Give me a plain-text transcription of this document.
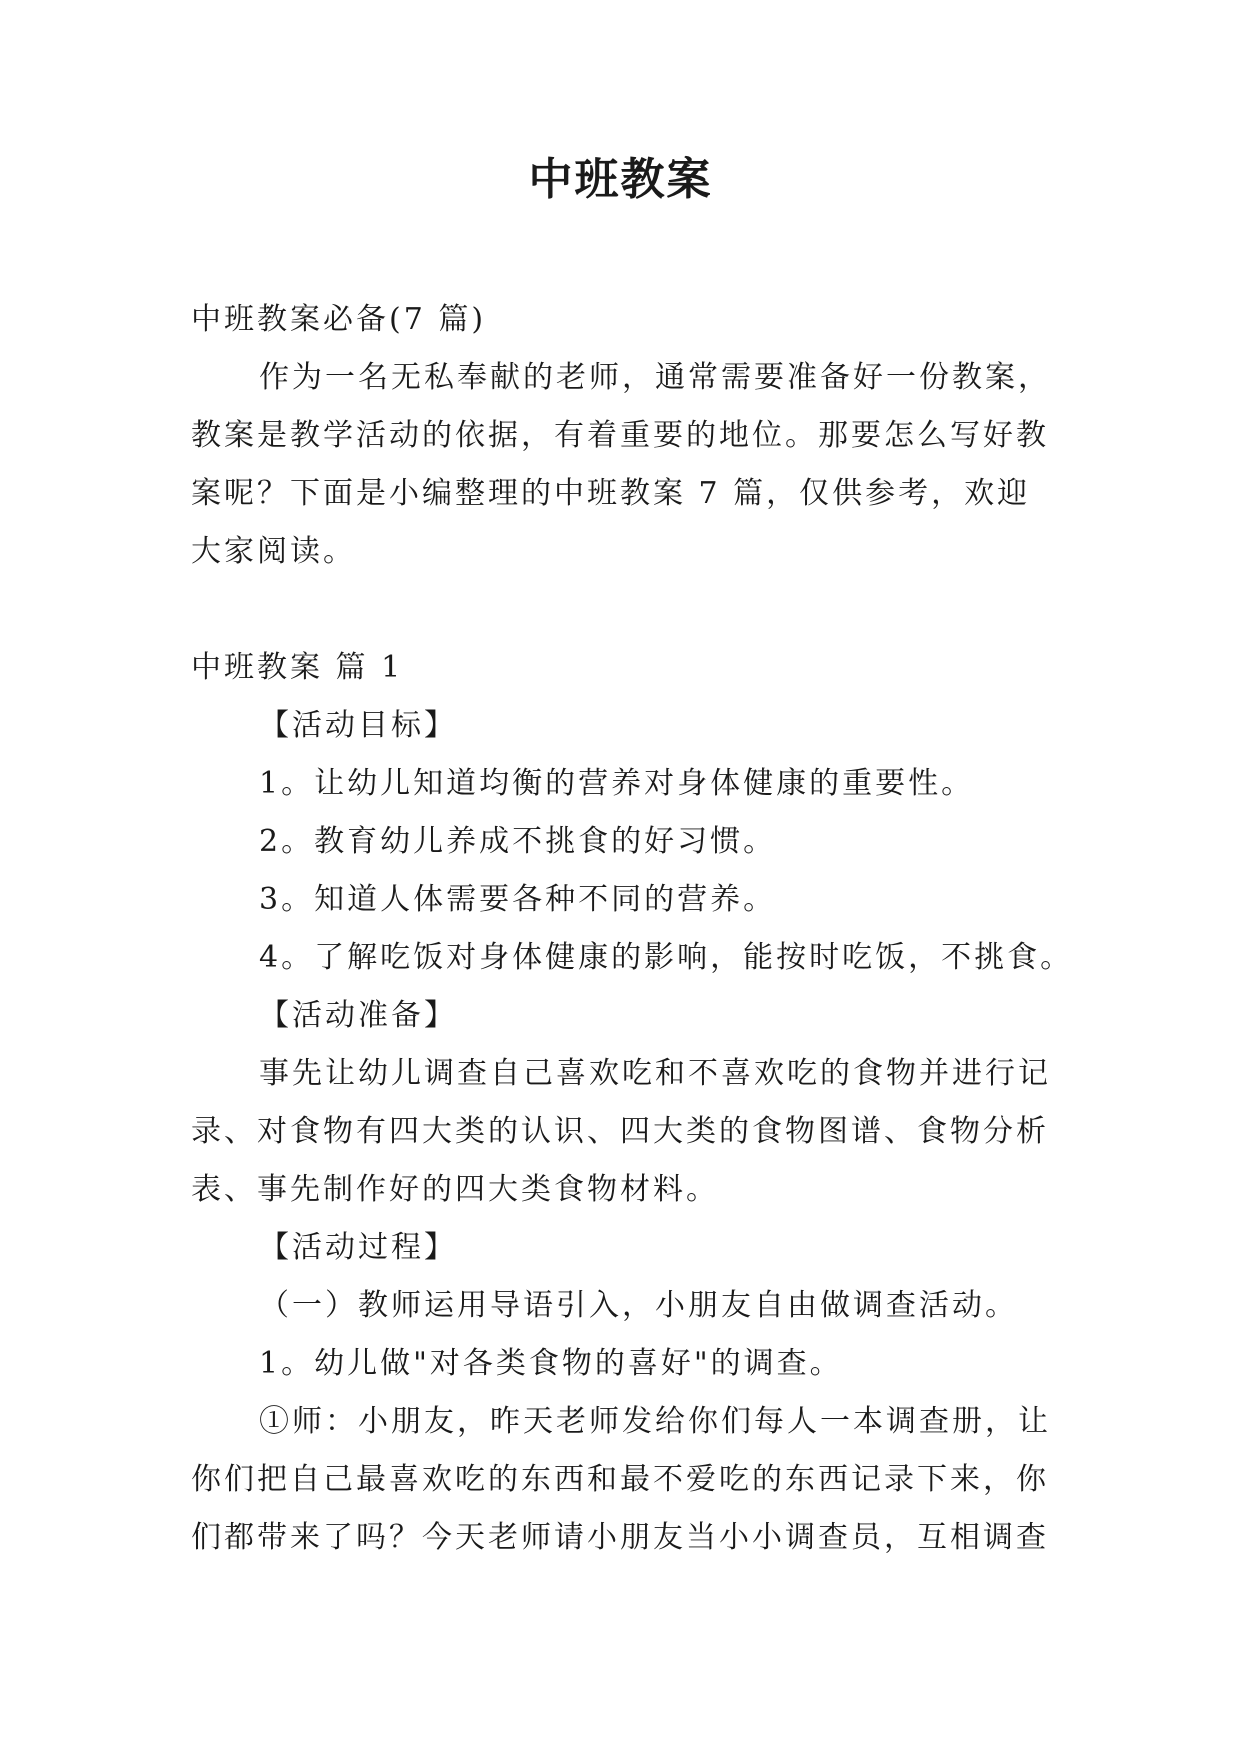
中班教案

中班教案必备(7 篇)

作为一名无私奉献的老师，通常需要准备好一份教案，教案是教学活动的依据，有着重要的地位。那要怎么写好教案呢？下面是小编整理的中班教案 7 篇，仅供参考，欢迎大家阅读。

中班教案 篇 1

【活动目标】

1。让幼儿知道均衡的营养对身体健康的重要性。

2。教育幼儿养成不挑食的好习惯。

3。知道人体需要各种不同的营养。

4。了解吃饭对身体健康的影响，能按时吃饭，不挑食。

【活动准备】

事先让幼儿调查自己喜欢吃和不喜欢吃的食物并进行记录、对食物有四大类的认识、四大类的食物图谱、食物分析表、事先制作好的四大类食物材料。

【活动过程】

（一）教师运用导语引入，小朋友自由做调查活动。

1。幼儿做"对各类食物的喜好"的调查。

①师：小朋友，昨天老师发给你们每人一本调查册，让你们把自己最喜欢吃的东西和最不爱吃的东西记录下来，你们都带来了吗？今天老师请小朋友当小小调查员，互相调查
